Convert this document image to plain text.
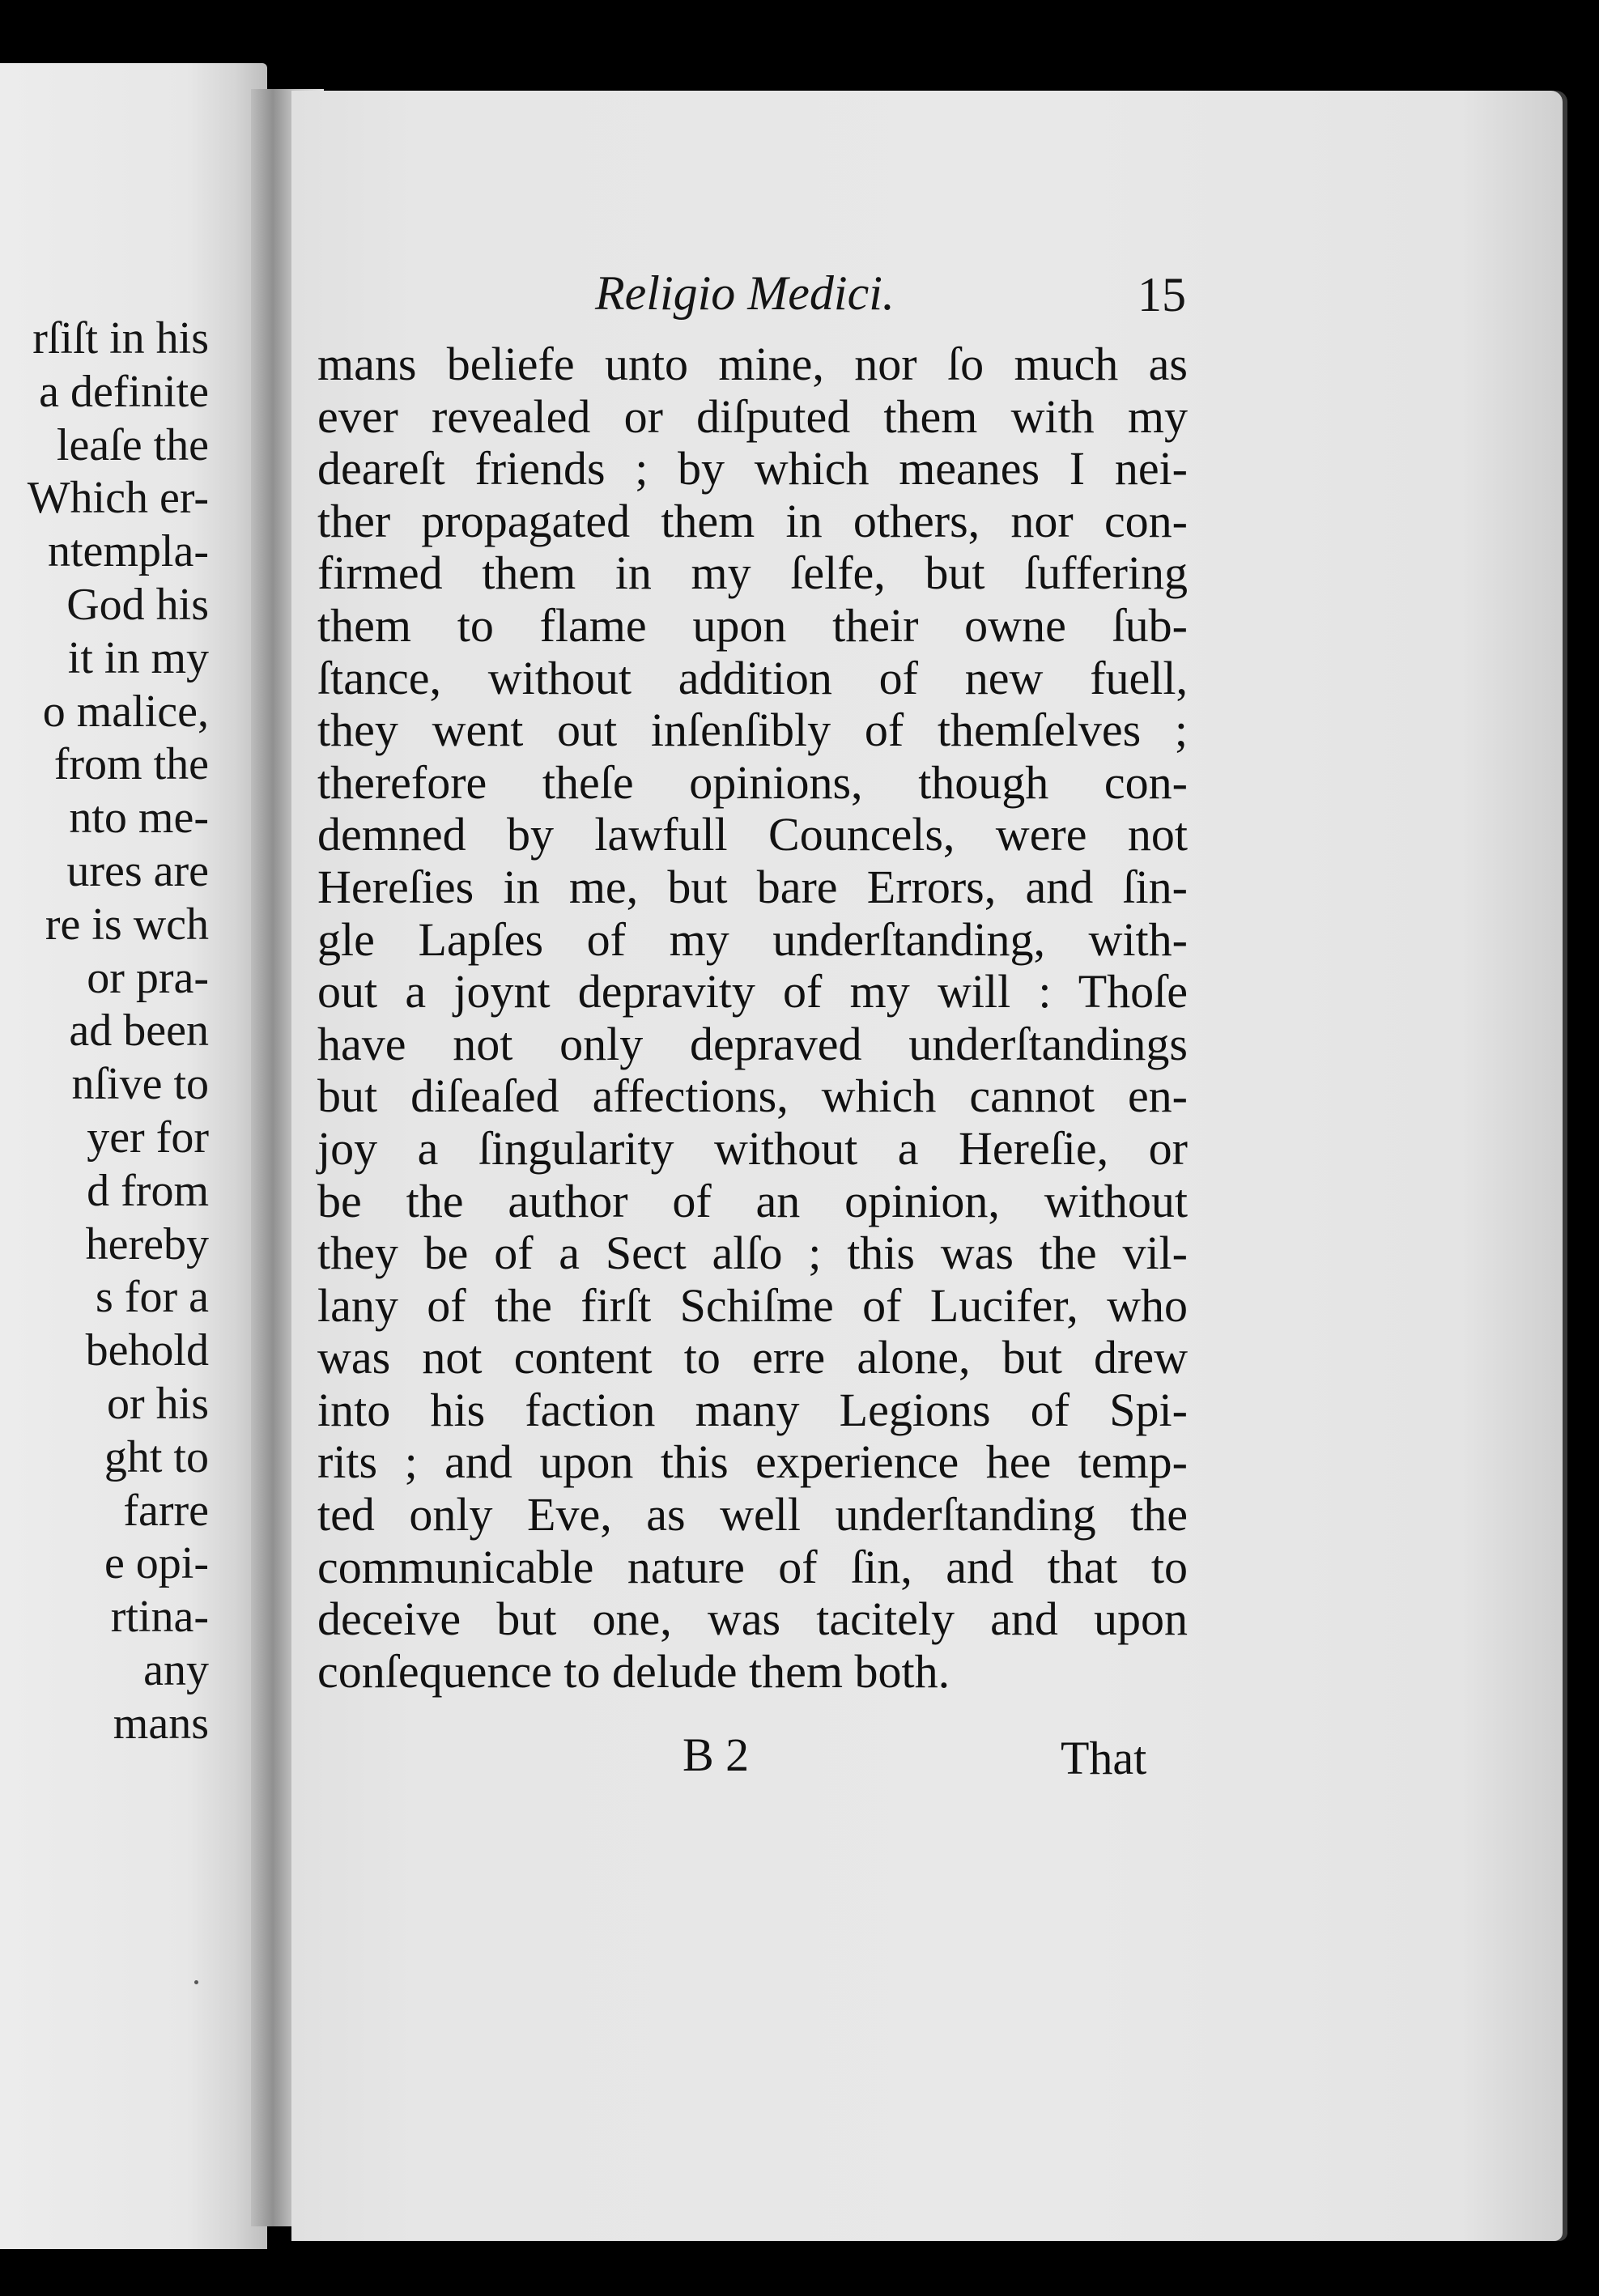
rſiſt in his
a definite
leaſe the
Which er-
ntempla-
God his
it in my
o malice,
from the
nto me-
ures are
re is wch
or pra-
ad been
nſive to
yer for
d from
hereby
s for a
behold
or his
ght to
farre
e opi-
rtina-
any
mans
Religio Medici.	15
mans beliefe unto mine, nor ſo much as
ever revealed or diſputed them with my
deareſt friends ; by which meanes I nei-
ther propagated them in others, nor con-
firmed them in my ſelfe, but ſuffering
them to flame upon their owne ſub-
ſtance, without addition of new fuell,
they went out inſenſibly of themſelves ;
therefore theſe opinions, though con-
demned by lawfull Councels, were not
Hereſies in me, but bare Errors, and ſin-
gle Lapſes of my underſtanding, with-
out a joynt depravity of my will : Thoſe
have not only depraved underſtandings
but diſeaſed affections, which cannot en-
joy a ſingularity without a Hereſie, or
be the author of an opinion, without
they be of a Sect alſo ; this was the vil-
lany of the firſt Schiſme of Lucifer, who
was not content to erre alone, but drew
into his faction many Legions of Spi-
rits ; and upon this experience hee temp-
ted only Eve, as well underſtanding the
communicable nature of ſin, and that to
deceive but one, was tacitely and upon
conſequence to delude them both.
B 2	That
